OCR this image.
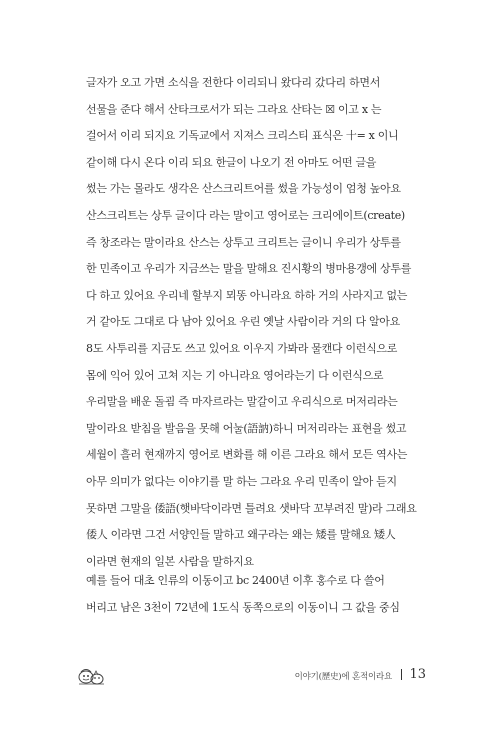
글자가 오고 가면 소식을 전한다 이리되니 왔다리 갔다리 하면서
선물을 준다 해서 산타크로서가 되는 그라요 산타는 ☒ 이고 x 는
걸어서 이리 되지요 기독교에서 지져스 크리스티 표식은 十= x 이니
같이해 다시 온다 이리 되요 한글이 나오기 전 아마도 어떤 글을
썼는 가는 몰라도 생각은 산스크리트어를 썼을 가능성이 엄청 높아요
산스크리트는 상투 글이다 라는 말이고 영어로는 크리에이트(create)
즉 창조라는 말이라요 산스는 상투고 크리트는 글이니 우리가 상투를
한 민족이고 우리가 지금쓰는 말을 말해요 진시황의 병마용갱에 상투를
다 하고 있어요 우리네 할부지 뫼똥 아니라요 하하 거의 사라지고 없는
거 같아도 그대로 다 남아 있어요 우린 옛날 사람이라 거의 다 알아요
8도 사투리를 지금도 쓰고 있어요 이우지 가봐라 물캔다 이런식으로
몸에 익어 있어 고쳐 지는 기 아니라요 영어라는기 다 이런식으로
우리말을 배운 돌굄 즉 마자르라는 말갈이고 우리식으로 머저리라는
말이라요 받침을 발음을 못해 어눌(語訥)하니 머저리라는 표현을 썼고
세월이 흘러 현재까지 영어로 변화를 해 이른 그라요 해서 모든 역사는
아무 의미가 없다는 이야기를 말 하는 그라요 우리 민족이 알아 듣지
못하면 그말을 倭語(햇바닥이라면 틀려요 샛바닥 꼬부려진 말)라 그래요
倭人 이라면 그건 서양인들 말하고 왜구라는 왜는 矮를 말해요 矮人
이라면 현재의 일본 사람을 말하지요
예를 들어 대초 인류의 이동이고 bc 2400년 이후 홍수로 다 쓸어
버리고 남은 3천이 72년에 1도식 동쪽으로의 이동이니 그 값을 중심
이야기(歷史)에 혼적이라요 13
